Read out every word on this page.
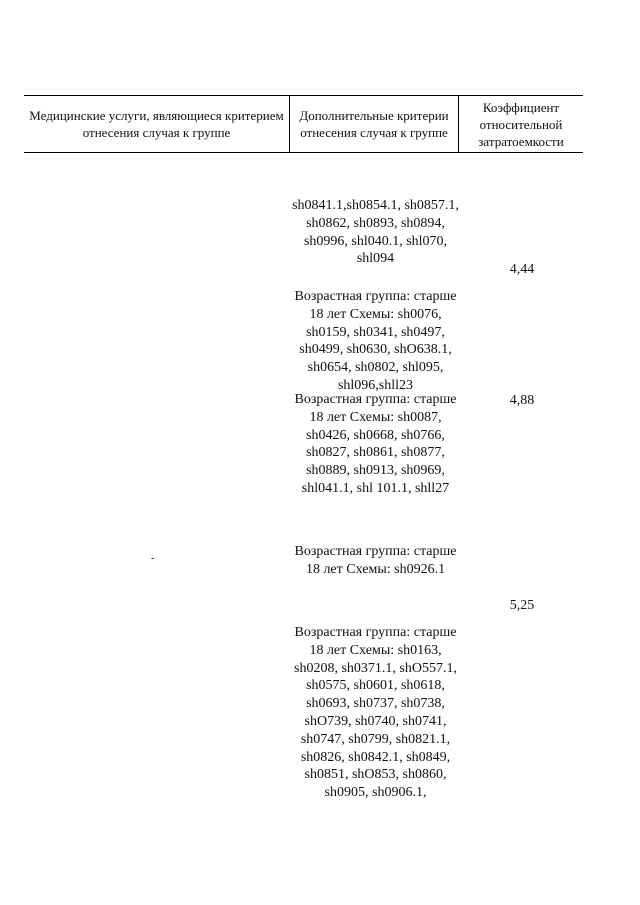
Медицинские услуги, являющиеся критерием отнесения случая к группе
Дополнительные критерии отнесения случая к группе
Коэффициент относительной затратоемкости
-
sh0841.1,sh0854.1, sh0857.1, sh0862, sh0893, sh0894, sh0996, shl040.1, shl070, shl094
4,44
Возрастная группа: старше 18 лет Схемы: sh0076, sh0159, sh0341, sh0497, sh0499, sh0630, shO638.1, sh0654, sh0802, shl095, shl096,shll23
Возрастная группа: старше 18 лет Схемы: sh0087, sh0426, sh0668, sh0766, sh0827, sh0861, sh0877, sh0889, sh0913, sh0969, shl041.1, shl 101.1, shll27
4,88
Возрастная группа: старше 18 лет Схемы: sh0926.1
5,25
Возрастная группа: старше 18 лет Схемы: sh0163, sh0208, sh0371.1, shO557.1, sh0575, sh0601, sh0618, sh0693, sh0737, sh0738, shO739, sh0740, sh0741, sh0747, sh0799, sh0821.1, sh0826, sh0842.1, sh0849, sh0851, shO853, sh0860, sh0905, sh0906.1,
